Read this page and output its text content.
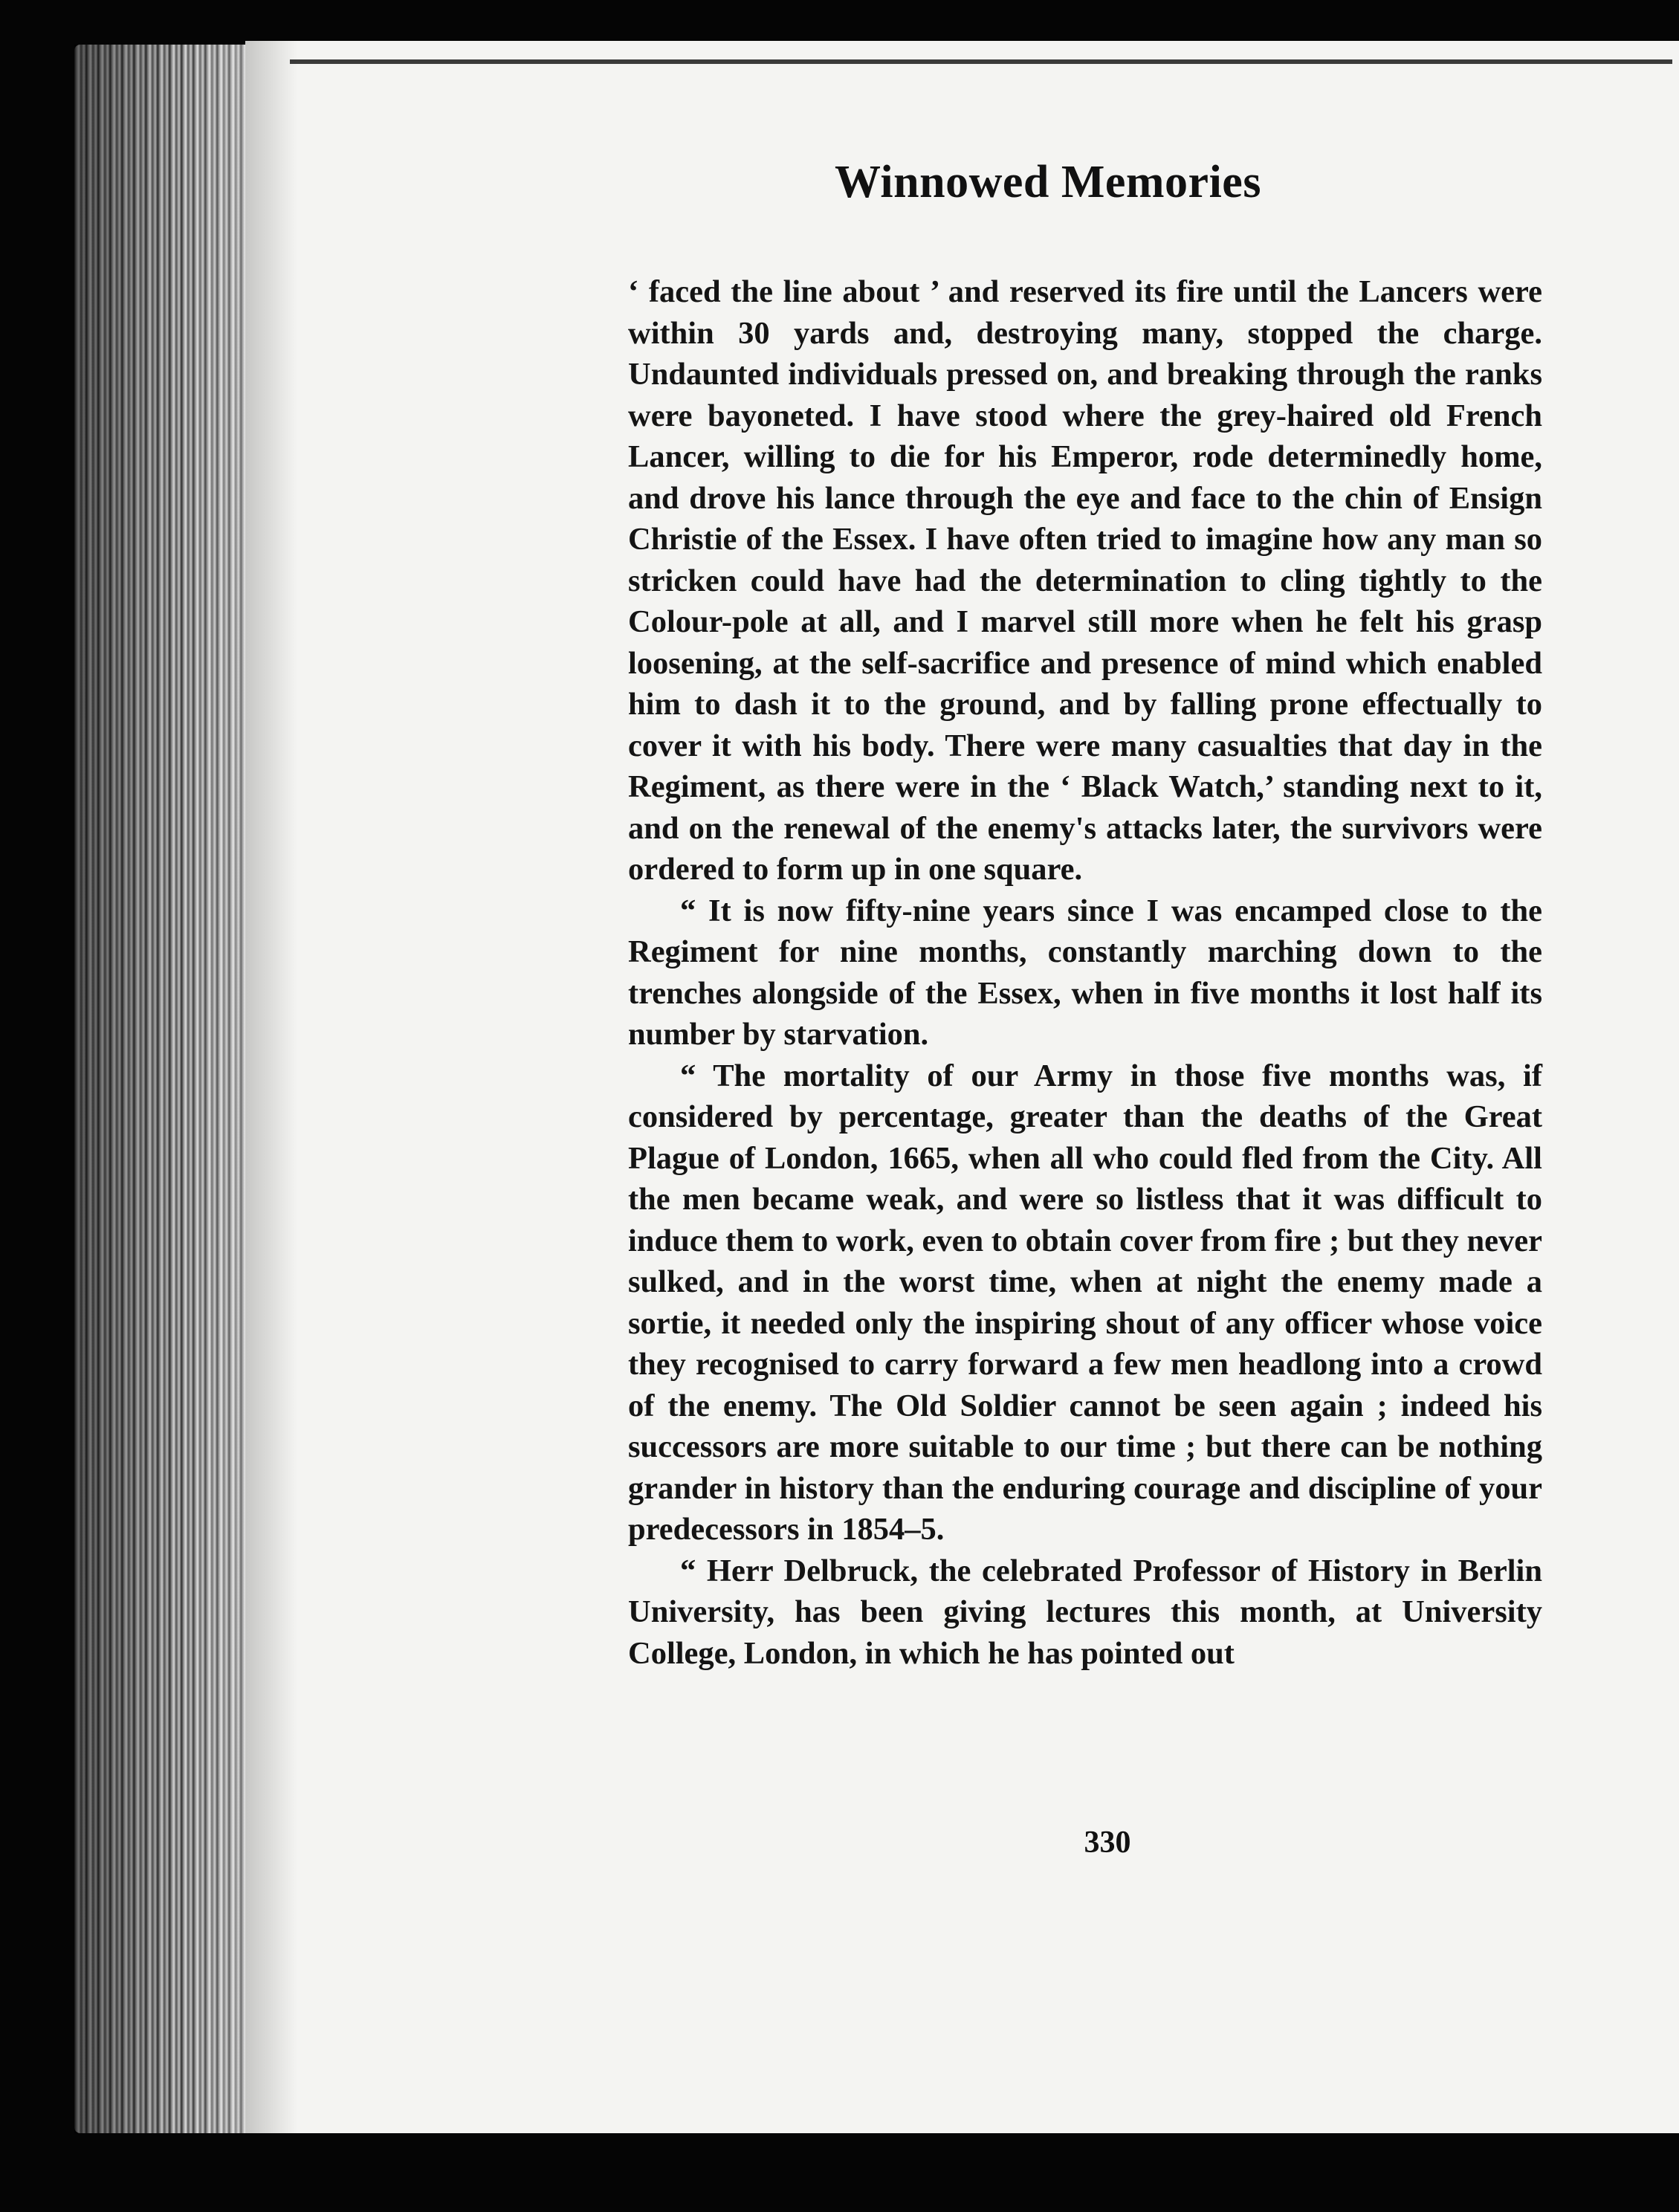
Winnowed Memories

‘ faced the line about ’ and reserved its fire until the Lancers were within 30 yards and, destroying many, stopped the charge. Undaunted individuals pressed on, and breaking through the ranks were bayoneted. I have stood where the grey-haired old French Lancer, willing to die for his Emperor, rode determinedly home, and drove his lance through the eye and face to the chin of Ensign Christie of the Essex. I have often tried to imagine how any man so stricken could have had the determination to cling tightly to the Colour-pole at all, and I marvel still more when he felt his grasp loosening, at the self-sacrifice and presence of mind which enabled him to dash it to the ground, and by falling prone effectually to cover it with his body. There were many casualties that day in the Regiment, as there were in the ‘ Black Watch,’ standing next to it, and on the renewal of the enemy's attacks later, the survivors were ordered to form up in one square.

“ It is now fifty-nine years since I was encamped close to the Regiment for nine months, constantly marching down to the trenches alongside of the Essex, when in five months it lost half its number by starvation.

“ The mortality of our Army in those five months was, if considered by percentage, greater than the deaths of the Great Plague of London, 1665, when all who could fled from the City. All the men became weak, and were so listless that it was difficult to induce them to work, even to obtain cover from fire ; but they never sulked, and in the worst time, when at night the enemy made a sortie, it needed only the inspiring shout of any officer whose voice they recognised to carry forward a few men headlong into a crowd of the enemy. The Old Soldier cannot be seen again ; indeed his successors are more suitable to our time ; but there can be nothing grander in history than the enduring courage and discipline of your predecessors in 1854–5.

“ Herr Delbruck, the celebrated Professor of History in Berlin University, has been giving lectures this month, at University College, London, in which he has pointed out

330
